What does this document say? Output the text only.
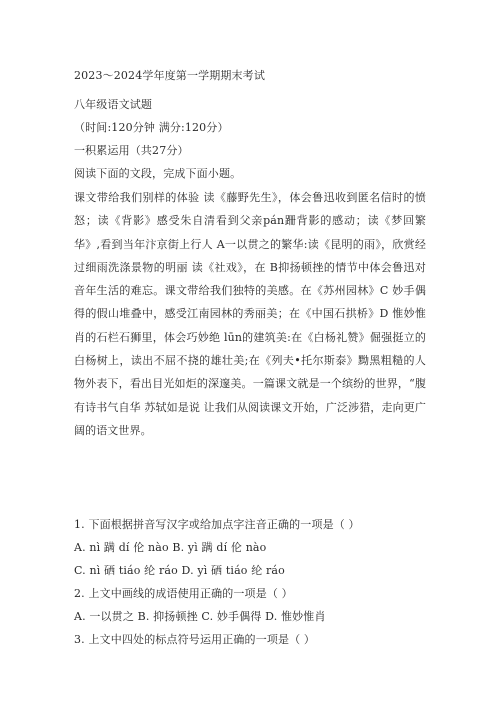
2023～2024学年度第一学期期末考试
八年级语文试题
（时间:120分钟 满分:120分）
一积累运用（共27分）
阅读下面的文段，完成下面小题。
课文带给我们别样的体验 读《藤野先生》，体会鲁迅收到匿名信时的愤怒；读《背影》感受朱自清看到父亲pán跚背影的感动；读《梦回繁华》,看到当年汴京街上行人 A一以贯之的繁华:读《昆明的雨》，欣赏经过细雨洗涤景物的明丽 读《社戏》，在 B抑扬顿挫的情节中体会鲁迅对音年生活的难忘。课文带给我们独特的美感。在《苏州园林》C 妙手偶得的假山堆叠中，感受江南园林的秀丽美；在《中国石拱桥》D 惟妙惟肖的石栏石狮里，体会巧妙绝 lūn的建筑美:在《白杨礼赞》倔强挺立的白杨树上，读出不屈不挠的雄壮美;在《列夫•托尔斯泰》黝黑粗糙的人物外表下，看出目光如炬的深邃美。一篇课文就是一个缤纷的世界，“腹有诗书气自华 苏轼如是说 让我们从阅读课文开始，广泛涉猎，走向更广阔的语文世界。
1. 下面根据拼音写汉字或给加点字注音正确的一项是（ ）
A. nì 蹒 dí 伦 nào B. yì 蹒 dí 伦 nào
C. nì 硒 tiáo 纶 ráo D. yì 硒 tiáo 纶 ráo
2. 上文中画线的成语使用正确的一项是（ ）
A. 一以贯之 B. 抑扬顿挫 C. 妙手偶得 D. 惟妙惟肖
3. 上文中四处的标点符号运用正确的一项是（ ）
